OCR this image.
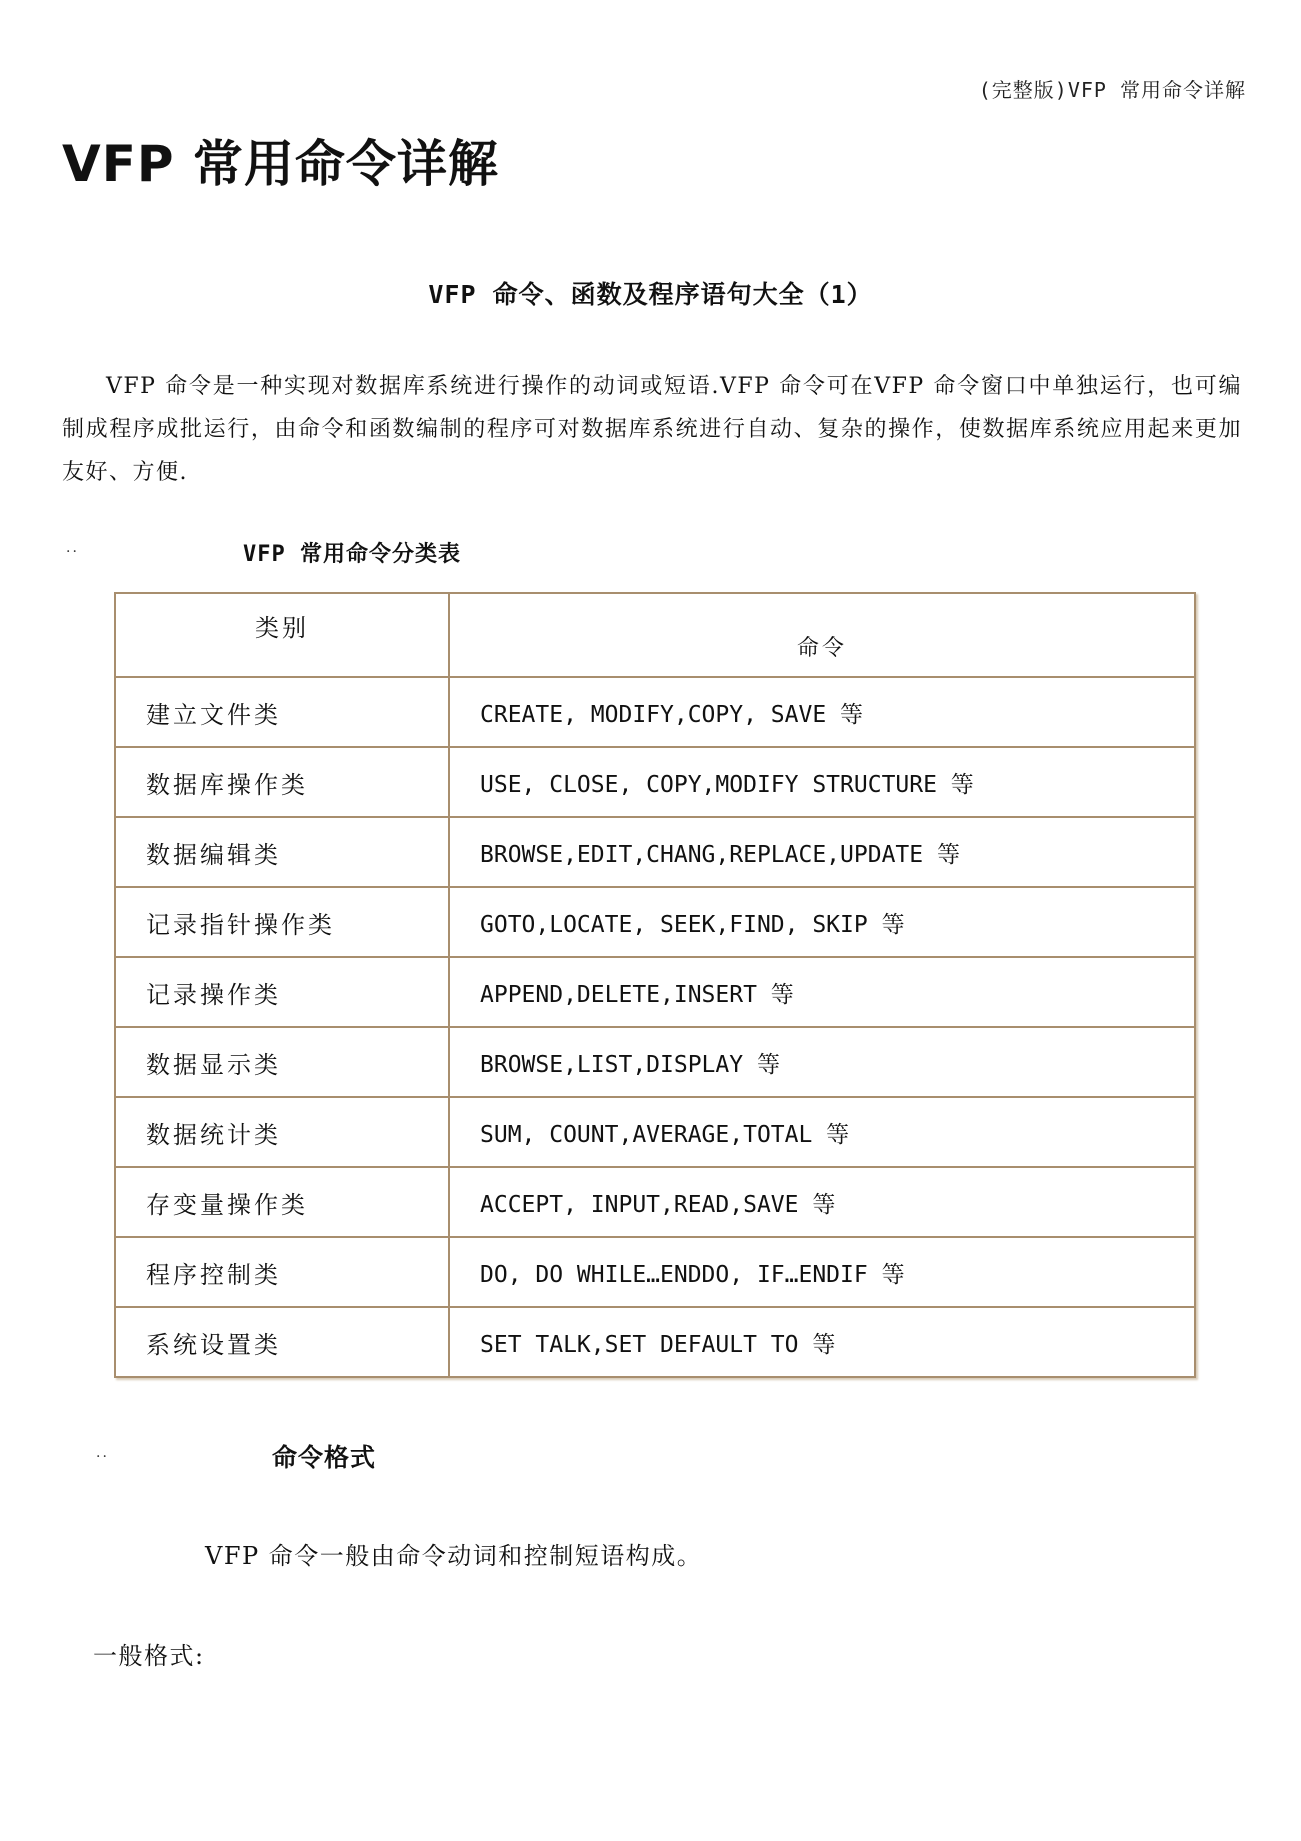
(完整版)VFP 常用命令详解
VFP 常用命令详解
VFP 命令、函数及程序语句大全（1）

VFP 命令是一种实现对数据库系统进行操作的动词或短语.VFP 命令可在VFP 命令窗口中单独运行，也可编制成程序成批运行，由命令和函数编制的程序可对数据库系统进行自动、复杂的操作，使数据库系统应用起来更加友好、方便.

··	VFP 常用命令分类表
类别	命令
建立文件类	CREATE, MODIFY,COPY, SAVE 等
数据库操作类	USE, CLOSE, COPY,MODIFY STRUCTURE 等
数据编辑类	BROWSE,EDIT,CHANG,REPLACE,UPDATE 等
记录指针操作类	GOTO,LOCATE, SEEK,FIND, SKIP 等
记录操作类	APPEND,DELETE,INSERT 等
数据显示类	BROWSE,LIST,DISPLAY 等
数据统计类	SUM, COUNT,AVERAGE,TOTAL 等
存变量操作类	ACCEPT, INPUT,READ,SAVE 等
程序控制类	DO, DO WHILE…ENDDO, IF…ENDIF 等
系统设置类	SET TALK,SET DEFAULT TO 等
··	命令格式
VFP 命令一般由命令动词和控制短语构成。
一般格式:
